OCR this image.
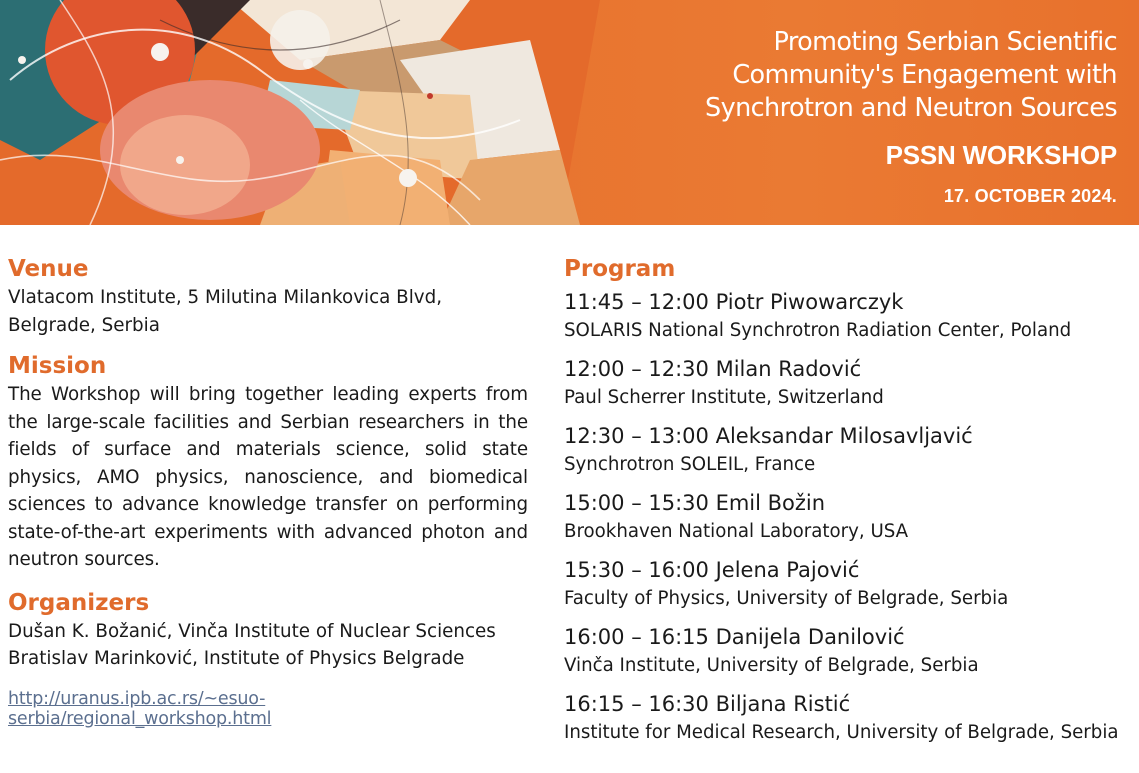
Promoting Serbian Scientific
Community's Engagement with
Synchrotron and Neutron Sources
PSSN WORKSHOP
17. OCTOBER 2024.
Venue

Vlatacom Institute, 5 Milutina Milankovica Blvd,

Belgrade, Serbia

Mission

The Workshop will bring together leading experts from the large-scale facilities and Serbian researchers in the fields of surface and materials science, solid state physics, AMO physics, nanoscience, and biomedical sciences to advance knowledge transfer on performing state-of-the-art experiments with advanced photon and neutron sources.

Organizers

Dušan K. Božanić, Vinča Institute of Nuclear Sciences

Bratislav Marinković, Institute of Physics Belgrade

http://uranus.ipb.ac.rs/~esuo-serbia/regional_workshop.html
Program
11:45 – 12:00 Piotr Piwowarczyk
SOLARIS National Synchrotron Radiation Center, Poland
12:00 – 12:30 Milan Radović
Paul Scherrer Institute, Switzerland
12:30 – 13:00 Aleksandar Milosavljavić
Synchrotron SOLEIL, France
15:00 – 15:30 Emil Božin
Brookhaven National Laboratory, USA
15:30 – 16:00 Jelena Pajović
Faculty of Physics, University of Belgrade, Serbia
16:00 – 16:15 Danijela Danilović
Vinča Institute, University of Belgrade, Serbia
16:15 – 16:30 Biljana Ristić
Institute for Medical Research, University of Belgrade, Serbia
